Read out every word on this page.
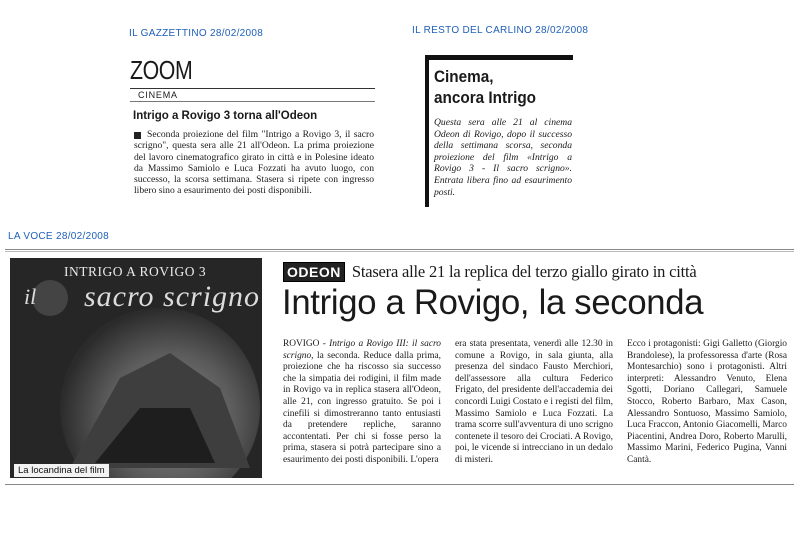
IL GAZZETTINO 28/02/2008
ZOOM
CINEMA
Intrigo a Rovigo 3 torna all'Odeon
Seconda proiezione del film "Intrigo a Rovigo 3, il sacro scrigno", questa sera alle 21 all'Odeon. La prima proiezione del lavoro cinematografico girato in città e in Polesine ideato da Massimo Samiolo e Luca Fozzati ha avuto luogo, con successo, la scorsa settimana. Stasera si ripete con ingresso libero sino a esaurimento dei posti disponibili.
IL RESTO DEL CARLINO 28/02/2008
Cinema,
ancora Intrigo
Questa sera alle 21 al cinema Odeon di Rovigo, dopo il successo della settimana scorsa, seconda proiezione del film «Intrigo a Rovigo 3 - Il sacro scrigno». Entrata libera fino ad esaurimento posti.
LA VOCE 28/02/2008
INTRIGO A ROVIGO 3
il sacro scrigno
La locandina del film
ODEON Stasera alle 21 la replica del terzo giallo girato in città
Intrigo a Rovigo, la seconda
ROVIGO - Intrigo a Rovigo III: il sacro scrigno, la seconda. Reduce dalla prima, proiezione che ha riscosso sia successo che la simpatia dei rodigini, il film made in Rovigo va in replica stasera all'Odeon, alle 21, con ingresso gratuito. Se poi i cinefili si dimostreranno tanto entusiasti da pretendere repliche, saranno accontentati. Per chi si fosse perso la prima, stasera si potrà partecipare sino a esaurimento dei posti disponibili. L'opera
era stata presentata, venerdì alle 12.30 in comune a Rovigo, in sala giunta, alla presenza del sindaco Fausto Merchiori, dell'assessore alla cultura Federico Frigato, del presidente dell'accademia dei concordi Luigi Costato e i registi del film, Massimo Samiolo e Luca Fozzati. La trama scorre sull'avventura di uno scrigno contenete il tesoro dei Crociati. A Rovigo, poi, le vicende si intrecciano in un dedalo di misteri.
Ecco i protagonisti: Gigi Galletto (Giorgio Brandolese), la professoressa d'arte (Rosa Montesarchio) sono i protagonisti. Altri interpreti: Alessandro Venuto, Elena Sgotti, Doriano Callegari, Samuele Stocco, Roberto Barbaro, Max Cason, Alessandro Sontuoso, Massimo Samiolo, Luca Fraccon, Antonio Giacomelli, Marco Piacentini, Andrea Doro, Roberto Marulli, Massimo Marini, Federico Pugina, Vanni Cantà.
